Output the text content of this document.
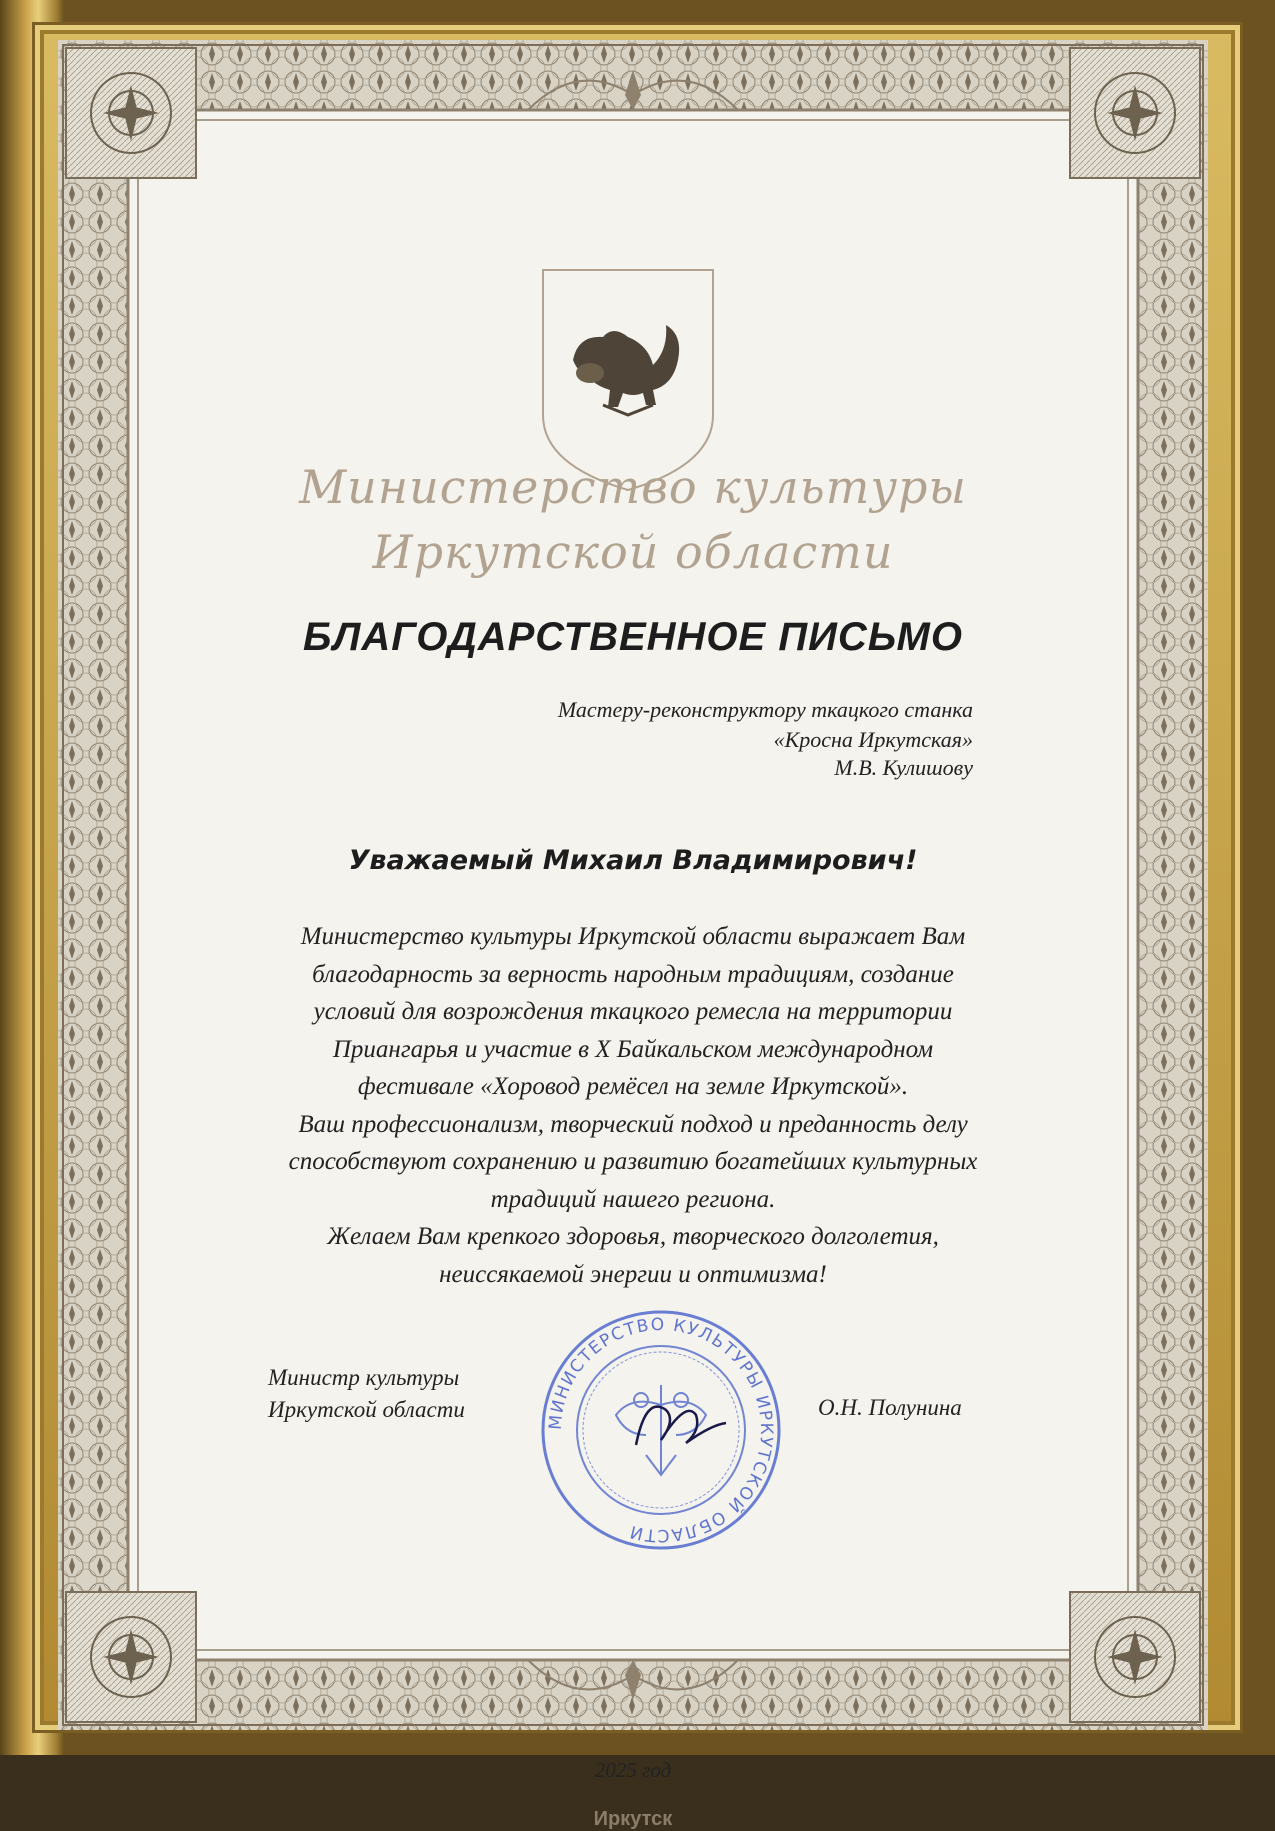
Министерство культуры
Иркутской области
БЛАГОДАРСТВЕННОЕ ПИСЬМО
Мастеру-реконструктору ткацкого станка
«Кросна Иркутская»
М.В. Кулишову
Уважаемый Михаил Владимирович!

Министерство культуры Иркутской области выражает Вам

благодарность за верность народным традициям, создание

условий для возрождения ткацкого ремесла на территории

Приангарья и участие в X Байкальском международном

фестивале «Хоровод ремёсел на земле Иркутской».

Ваш профессионализм, творческий подход и преданность делу

способствуют сохранению и развитию богатейших культурных

традиций нашего региона.

Желаем Вам крепкого здоровья, творческого долголетия,

неиссякаемой энергии и оптимизма!

Министр культуры
Иркутской области	МИНИСТЕРСТВО КУЛЬТУРЫ ИРКУТСКОЙ ОБЛАСТИ
О.Н. Полунина
2025 год
Иркутск
